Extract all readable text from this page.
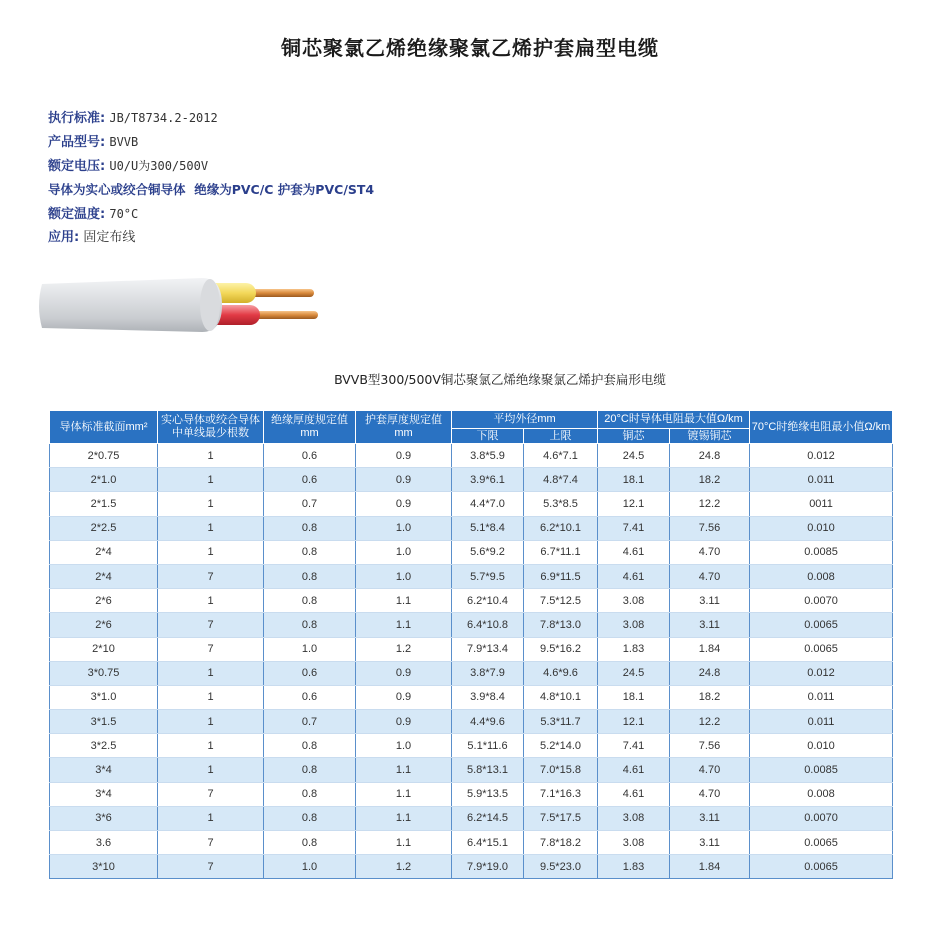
铜芯聚氯乙烯绝缘聚氯乙烯护套扁型电缆
执行标准: JB/T8734.2-2012
产品型号: BVVB
额定电压: U0/U为300/500V
导体为实心或绞合铜导体  绝缘为PVC/C 护套为PVC/ST4
额定温度: 70°C
应用: 固定布线
BVVB型300/500V铜芯聚氯乙烯绝缘聚氯乙烯护套扁形电缆
导体标准截面mm²	实心导体或绞合导体中单线最少根数	绝缘厚度规定值mm	护套厚度规定值mm	平均外径mm		20°C时导体电阻最大值Ω/km		70°C时绝缘电阻最小值Ω/km
				下限	上限	铜芯	镀锡铜芯	
2*0.75	1	0.6	0.9	3.8*5.9	4.6*7.1	24.5	24.8	0.012
2*1.0	1	0.6	0.9	3.9*6.1	4.8*7.4	18.1	18.2	0.011
2*1.5	1	0.7	0.9	4.4*7.0	5.3*8.5	12.1	12.2	0011
2*2.5	1	0.8	1.0	5.1*8.4	6.2*10.1	7.41	7.56	0.010
2*4	1	0.8	1.0	5.6*9.2	6.7*11.1	4.61	4.70	0.0085
2*4	7	0.8	1.0	5.7*9.5	6.9*11.5	4.61	4.70	0.008
2*6	1	0.8	1.1	6.2*10.4	7.5*12.5	3.08	3.11	0.0070
2*6	7	0.8	1.1	6.4*10.8	7.8*13.0	3.08	3.11	0.0065
2*10	7	1.0	1.2	7.9*13.4	9.5*16.2	1.83	1.84	0.0065
3*0.75	1	0.6	0.9	3.8*7.9	4.6*9.6	24.5	24.8	0.012
3*1.0	1	0.6	0.9	3.9*8.4	4.8*10.1	18.1	18.2	0.011
3*1.5	1	0.7	0.9	4.4*9.6	5.3*11.7	12.1	12.2	0.011
3*2.5	1	0.8	1.0	5.1*11.6	5.2*14.0	7.41	7.56	0.010
3*4	1	0.8	1.1	5.8*13.1	7.0*15.8	4.61	4.70	0.0085
3*4	7	0.8	1.1	5.9*13.5	7.1*16.3	4.61	4.70	0.008
3*6	1	0.8	1.1	6.2*14.5	7.5*17.5	3.08	3.11	0.0070
3.6	7	0.8	1.1	6.4*15.1	7.8*18.2	3.08	3.11	0.0065
3*10	7	1.0	1.2	7.9*19.0	9.5*23.0	1.83	1.84	0.0065
